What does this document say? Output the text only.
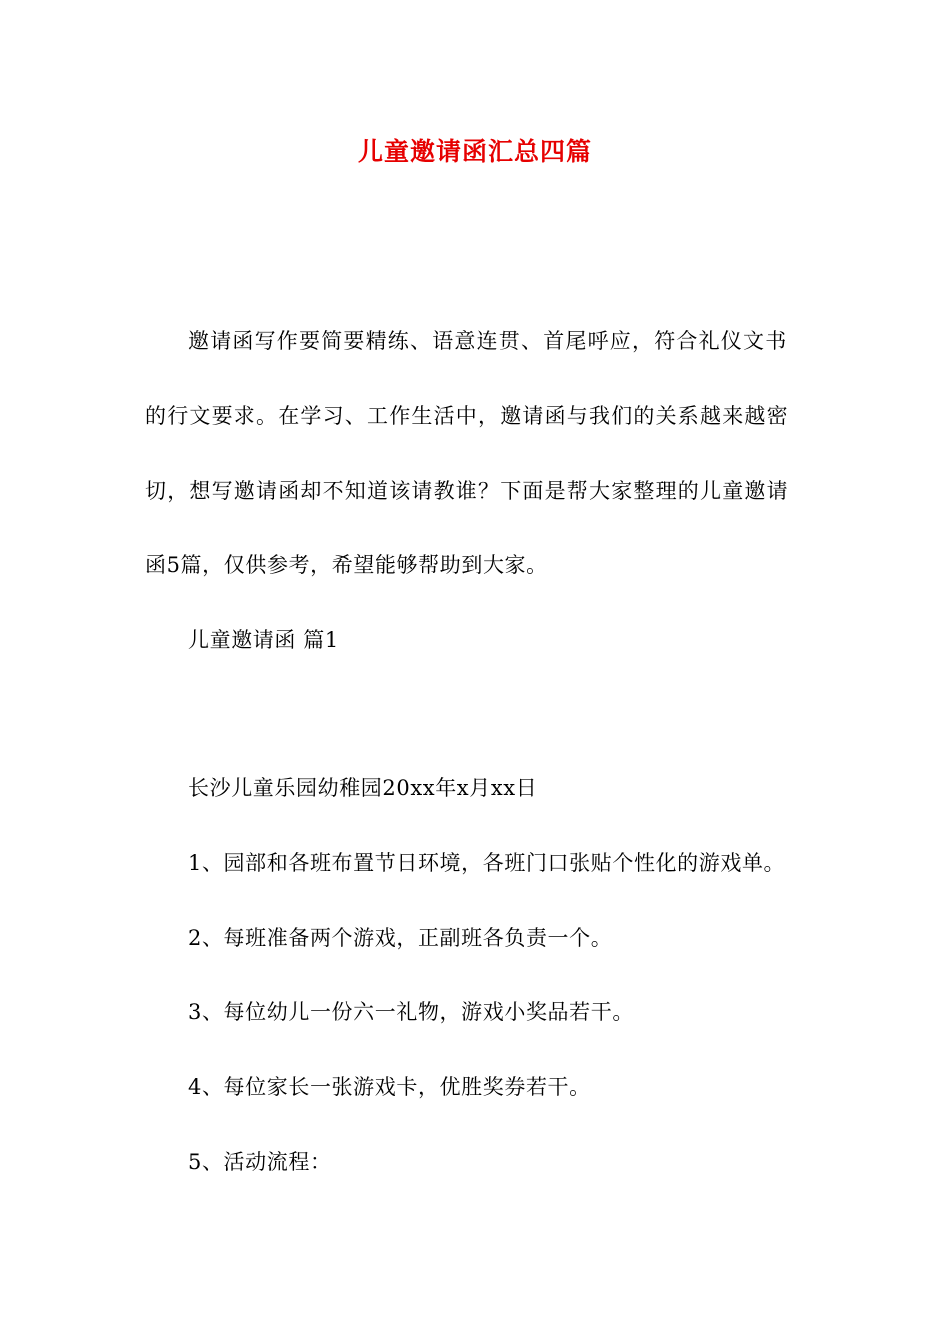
儿童邀请函汇总四篇
邀请函写作要简要精练、语意连贯、首尾呼应，符合礼仪文书
的行文要求。在学习、工作生活中，邀请函与我们的关系越来越密
切，想写邀请函却不知道该请教谁？下面是帮大家整理的儿童邀请
函5篇，仅供参考，希望能够帮助到大家。
儿童邀请函 篇1
长沙儿童乐园幼稚园20xx年x月xx日
1、园部和各班布置节日环境，各班门口张贴个性化的游戏单。
2、每班准备两个游戏，正副班各负责一个。
3、每位幼儿一份六一礼物，游戏小奖品若干。
4、每位家长一张游戏卡，优胜奖券若干。
5、活动流程：
